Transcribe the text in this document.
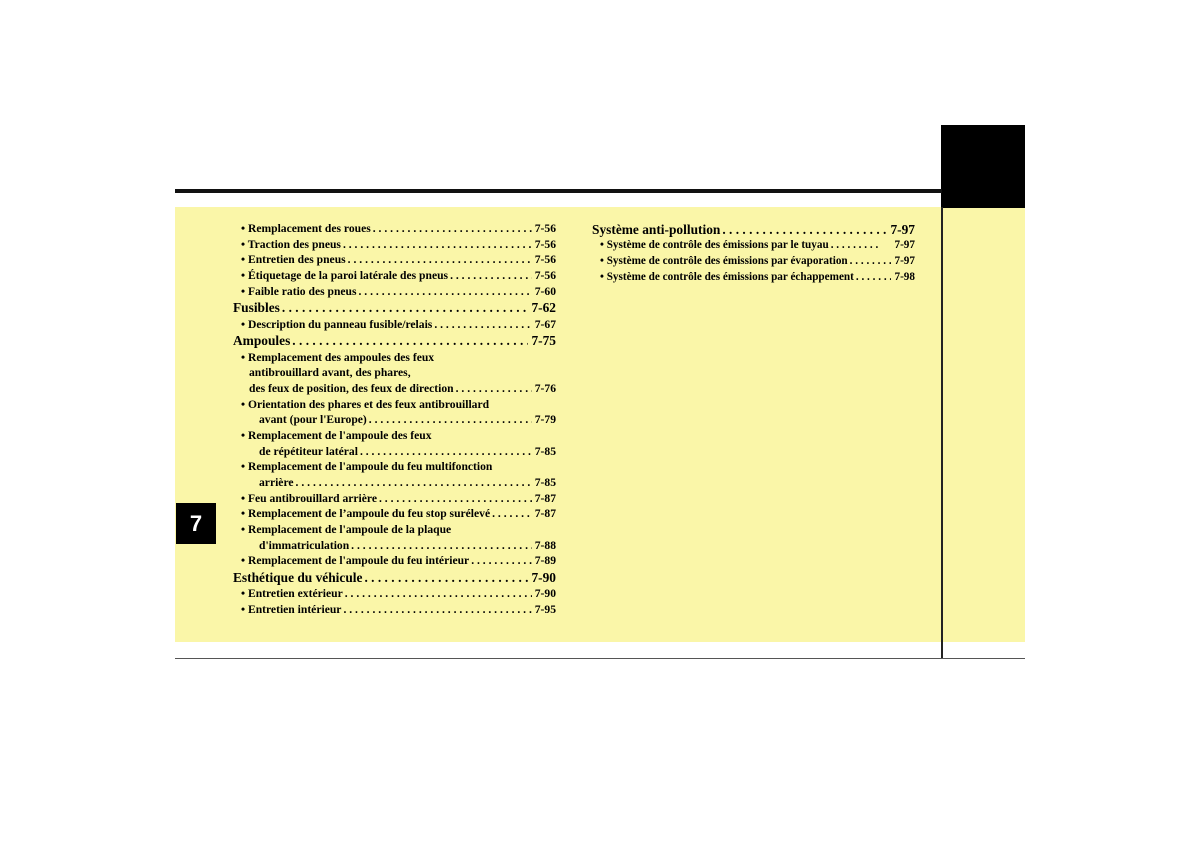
7
• Remplacement des roues . . .	7-56
• Traction des pneus . . .	7-56
• Entretien des pneus . . .	7-56
• Étiquetage de la paroi latérale des pneus . . .	7-56
• Faible ratio des pneus . . .	7-60
Fusibles . . .	7-62
• Description du panneau fusible/relais . . .	7-67
Ampoules . . .	7-75
• Remplacement des ampoules des feux
antibrouillard avant, des phares,
des feux de position, des feux de direction . . .	7-76
• Orientation des phares et des feux antibrouillard
avant (pour l'Europe) . . .	7-79
• Remplacement de l'ampoule des feux
de répétiteur latéral . . .	7-85
• Remplacement de l'ampoule du feu multifonction
arrière . . .	7-85
• Feu antibrouillard arrière . . .	7-87
• Remplacement de l’ampoule du feu stop surélevé . . .	7-87
• Remplacement de l'ampoule de la plaque
d'immatriculation . . .	7-88
• Remplacement de l'ampoule du feu intérieur . . .	7-89
Esthétique du véhicule . . .	7-90
• Entretien extérieur . . .	7-90
• Entretien intérieur . . .	7-95
Système anti-pollution . . .	7-97
• Système de contrôle des émissions par le tuyau . . .	7-97
• Système de contrôle des émissions par évaporation . . .	7-97
• Système de contrôle des émissions par échappement . . .	7-98
